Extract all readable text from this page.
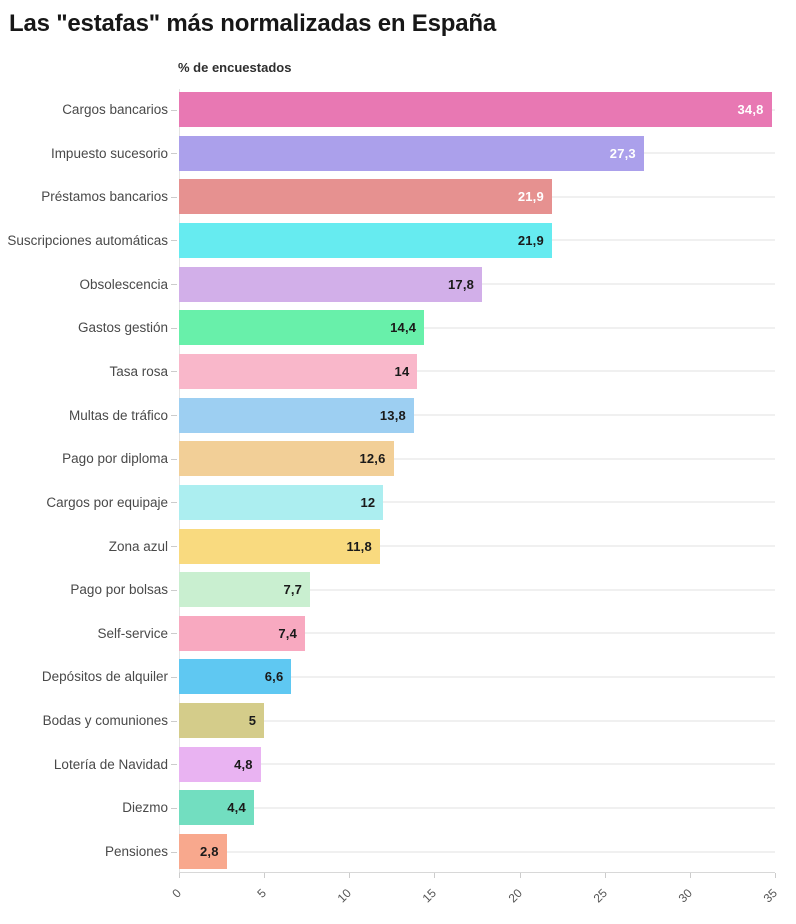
Las "estafas" más normalizadas en España
% de encuestados
Cargos bancarios	34,8
Impuesto sucesorio	27,3
Préstamos bancarios	21,9
Suscripciones automáticas	21,9
Obsolescencia	17,8
Gastos gestión	14,4
Tasa rosa	14
Multas de tráfico	13,8
Pago por diploma	12,6
Cargos por equipaje	12
Zona azul	11,8
Pago por bolsas	7,7
Self-service	7,4
Depósitos de alquiler	6,6
Bodas y comuniones	5
Lotería de Navidad	4,8
Diezmo	4,4
Pensiones 2,8
0	5	10	15	20	25	30	35
